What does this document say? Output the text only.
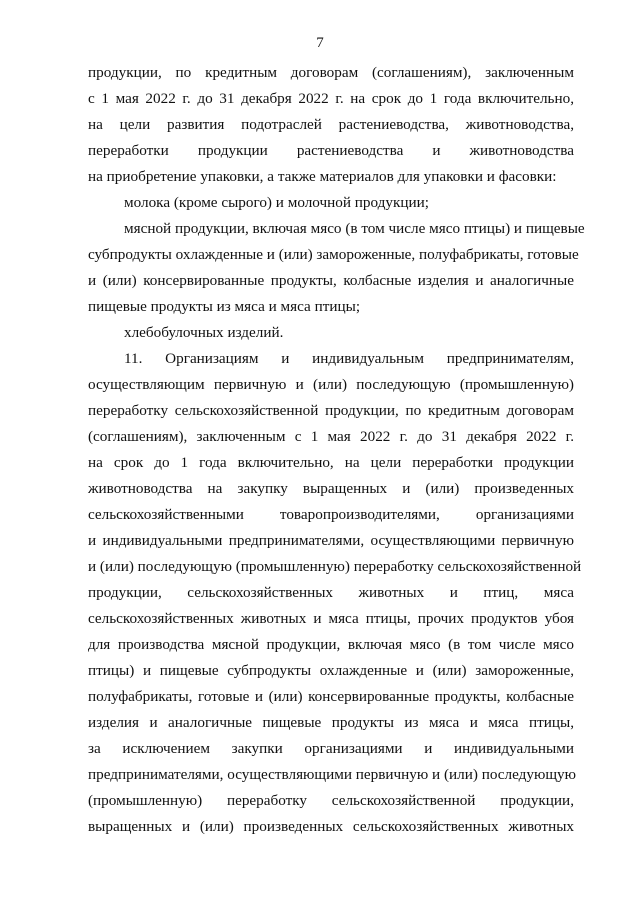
7
продукции, по кредитным договорам (соглашениям), заключенным
с 1 мая 2022 г. до 31 декабря 2022 г. на срок до 1 года включительно,
на цели развития подотраслей растениеводства, животноводства,
переработки продукции растениеводства и животноводства
на приобретение упаковки, а также материалов для упаковки и фасовки:
молока (кроме сырого) и молочной продукции;
мясной продукции, включая мясо (в том числе мясо птицы) и пищевые
субпродукты охлажденные и (или) замороженные, полуфабрикаты, готовые
и (или) консервированные продукты, колбасные изделия и аналогичные
пищевые продукты из мяса и мяса птицы;
хлебобулочных изделий.
11. Организациям и индивидуальным предпринимателям,
осуществляющим первичную и (или) последующую (промышленную)
переработку сельскохозяйственной продукции, по кредитным договорам
(соглашениям), заключенным с 1 мая 2022 г. до 31 декабря 2022 г.
на срок до 1 года включительно, на цели переработки продукции
животноводства на закупку выращенных и (или) произведенных
сельскохозяйственными товаропроизводителями, организациями
и индивидуальными предпринимателями, осуществляющими первичную
и (или) последующую (промышленную) переработку сельскохозяйственной
продукции, сельскохозяйственных животных и птиц, мяса
сельскохозяйственных животных и мяса птицы, прочих продуктов убоя
для производства мясной продукции, включая мясо (в том числе мясо
птицы) и пищевые субпродукты охлажденные и (или) замороженные,
полуфабрикаты, готовые и (или) консервированные продукты, колбасные
изделия и аналогичные пищевые продукты из мяса и мяса птицы,
за исключением закупки организациями и индивидуальными
предпринимателями, осуществляющими первичную и (или) последующую
(промышленную) переработку сельскохозяйственной продукции,
выращенных и (или) произведенных сельскохозяйственных животных
